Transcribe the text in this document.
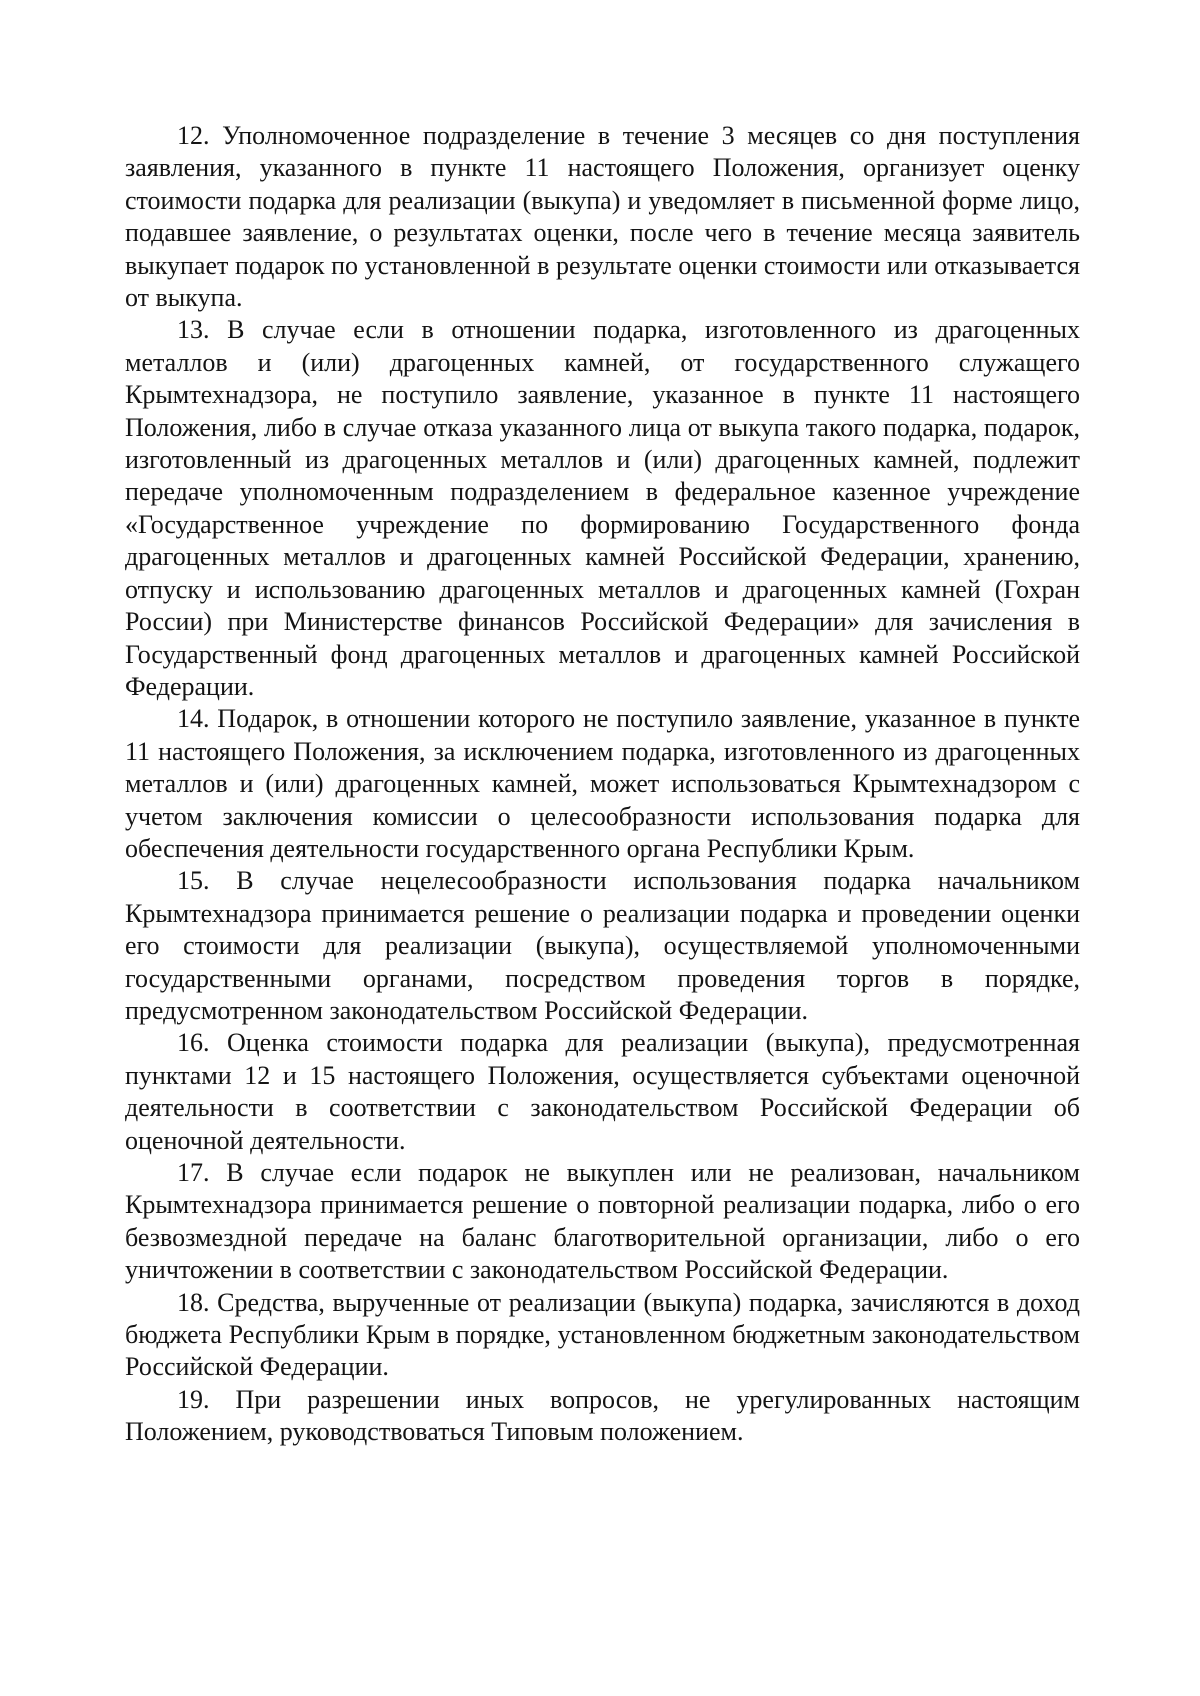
12. Уполномоченное подразделение в течение 3 месяцев со дня поступления заявления, указанного в пункте 11 настоящего Положения, организует оценку стоимости подарка для реализации (выкупа) и уведомляет в письменной форме лицо, подавшее заявление, о результатах оценки, после чего в течение месяца заявитель выкупает подарок по установленной в результате оценки стоимости или отказывается от выкупа.

13. В случае если в отношении подарка, изготовленного из драгоценных металлов и (или) драгоценных камней, от государственного служащего Крымтехнадзора, не поступило заявление, указанное в пункте 11 настоящего Положения, либо в случае отказа указанного лица от выкупа такого подарка, подарок, изготовленный из драгоценных металлов и (или) драгоценных камней, подлежит передаче уполномоченным подразделением в федеральное казенное учреждение «Государственное учреждение по формированию Государственного фонда драгоценных металлов и драгоценных камней Российской Федерации, хранению, отпуску и использованию драгоценных металлов и драгоценных камней (Гохран России) при Министерстве финансов Российской Федерации» для зачисления в Государственный фонд драгоценных металлов и драгоценных камней Российской Федерации.

14. Подарок, в отношении которого не поступило заявление, указанное в пункте 11 настоящего Положения, за исключением подарка, изготовленного из драгоценных металлов и (или) драгоценных камней, может использоваться Крымтехнадзором с учетом заключения комиссии о целесообразности использования подарка для обеспечения деятельности государственного органа Республики Крым.

15. В случае нецелесообразности использования подарка начальником Крымтехнадзора принимается решение о реализации подарка и проведении оценки его стоимости для реализации (выкупа), осуществляемой уполномоченными государственными органами, посредством проведения торгов в порядке, предусмотренном законодательством Российской Федерации.

16. Оценка стоимости подарка для реализации (выкупа), предусмотренная пунктами 12 и 15 настоящего Положения, осуществляется субъектами оценочной деятельности в соответствии с законодательством Российской Федерации об оценочной деятельности.

17. В случае если подарок не выкуплен или не реализован, начальником Крымтехнадзора принимается решение о повторной реализации подарка, либо о его безвозмездной передаче на баланс благотворительной организации, либо о его уничтожении в соответствии с законодательством Российской Федерации.

18. Средства, вырученные от реализации (выкупа) подарка, зачисляются в доход бюджета Республики Крым в порядке, установленном бюджетным законодательством Российской Федерации.

19. При разрешении иных вопросов, не урегулированных настоящим Положением, руководствоваться Типовым положением.
